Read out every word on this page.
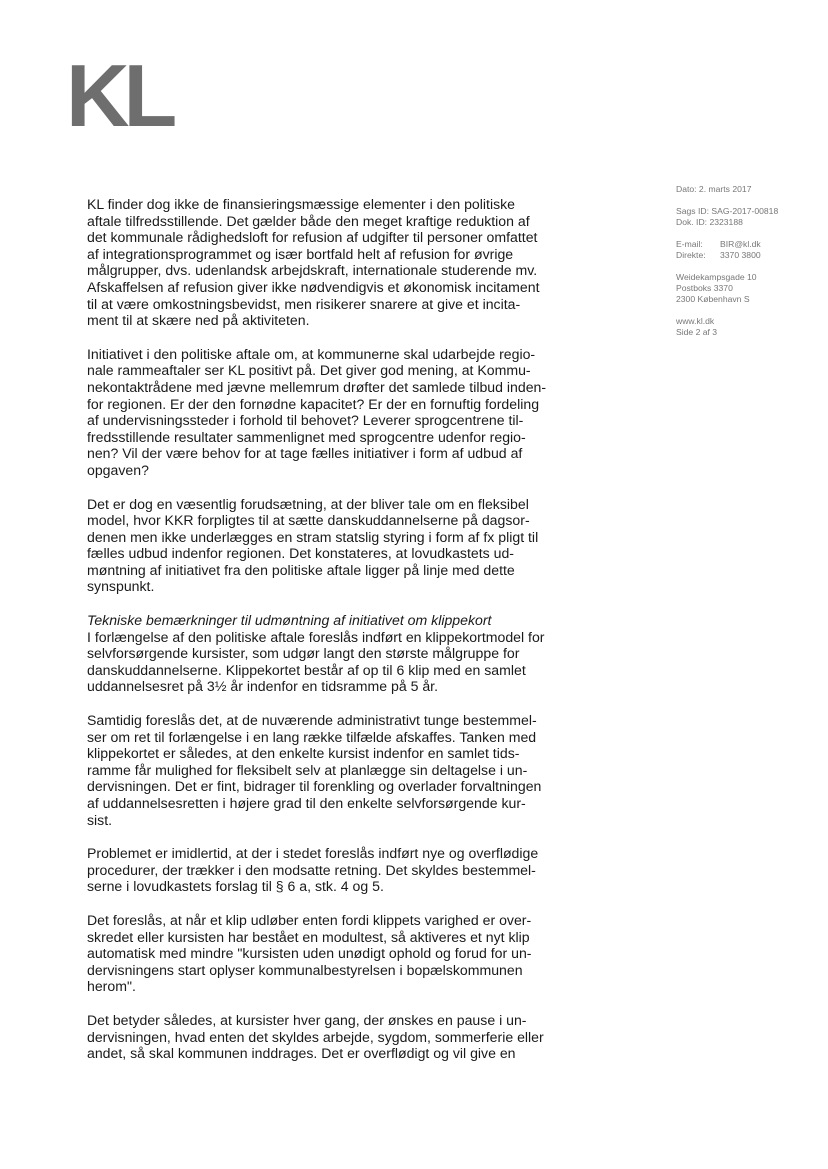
KL
Dato: 2. marts 2017
Sags ID: SAG-2017-00818
Dok. ID: 2323188
E-mail: BIR@kl.dk
Direkte: 3370 3800
Weidekampsgade 10
Postboks 3370
2300 København S
www.kl.dk
Side 2 af 3

KL finder dog ikke de finansieringsmæssige elementer i den politiske
aftale tilfredsstillende. Det gælder både den meget kraftige reduktion af
det kommunale rådighedsloft for refusion af udgifter til personer omfattet
af integrationsprogrammet og især bortfald helt af refusion for øvrige
målgrupper, dvs. udenlandsk arbejdskraft, internationale studerende mv.
Afskaffelsen af refusion giver ikke nødvendigvis et økonomisk incitament
til at være omkostningsbevidst, men risikerer snarere at give et incita-
ment til at skære ned på aktiviteten.

Initiativet i den politiske aftale om, at kommunerne skal udarbejde regio-
nale rammeaftaler ser KL positivt på. Det giver god mening, at Kommu-
nekontaktrådene med jævne mellemrum drøfter det samlede tilbud inden-
for regionen. Er der den fornødne kapacitet? Er der en fornuftig fordeling
af undervisningssteder i forhold til behovet? Leverer sprogcentrene til-
fredsstillende resultater sammenlignet med sprogcentre udenfor regio-
nen? Vil der være behov for at tage fælles initiativer i form af udbud af
opgaven?

Det er dog en væsentlig forudsætning, at der bliver tale om en fleksibel
model, hvor KKR forpligtes til at sætte danskuddannelserne på dagsor-
denen men ikke underlægges en stram statslig styring i form af fx pligt til
fælles udbud indenfor regionen. Det konstateres, at lovudkastets ud-
møntning af initiativet fra den politiske aftale ligger på linje med dette
synspunkt.

Tekniske bemærkninger til udmøntning af initiativet om klippekort
I forlængelse af den politiske aftale foreslås indført en klippekortmodel for
selvforsørgende kursister, som udgør langt den største målgruppe for
danskuddannelserne. Klippekortet består af op til 6 klip med en samlet
uddannelsesret på 3½ år indenfor en tidsramme på 5 år.

Samtidig foreslås det, at de nuværende administrativt tunge bestemmel-
ser om ret til forlængelse i en lang række tilfælde afskaffes. Tanken med
klippekortet er således, at den enkelte kursist indenfor en samlet tids-
ramme får mulighed for fleksibelt selv at planlægge sin deltagelse i un-
dervisningen. Det er fint, bidrager til forenkling og overlader forvaltningen
af uddannelsesretten i højere grad til den enkelte selvforsørgende kur-
sist.

Problemet er imidlertid, at der i stedet foreslås indført nye og overflødige
procedurer, der trækker i den modsatte retning. Det skyldes bestemmel-
serne i lovudkastets forslag til § 6 a, stk. 4 og 5.

Det foreslås, at når et klip udløber enten fordi klippets varighed er over-
skredet eller kursisten har bestået en modultest, så aktiveres et nyt klip
automatisk med mindre "kursisten uden unødigt ophold og forud for un-
dervisningens start oplyser kommunalbestyrelsen i bopælskommunen
herom".

Det betyder således, at kursister hver gang, der ønskes en pause i un-
dervisningen, hvad enten det skyldes arbejde, sygdom, sommerferie eller
andet, så skal kommunen inddrages. Det er overflødigt og vil give en
